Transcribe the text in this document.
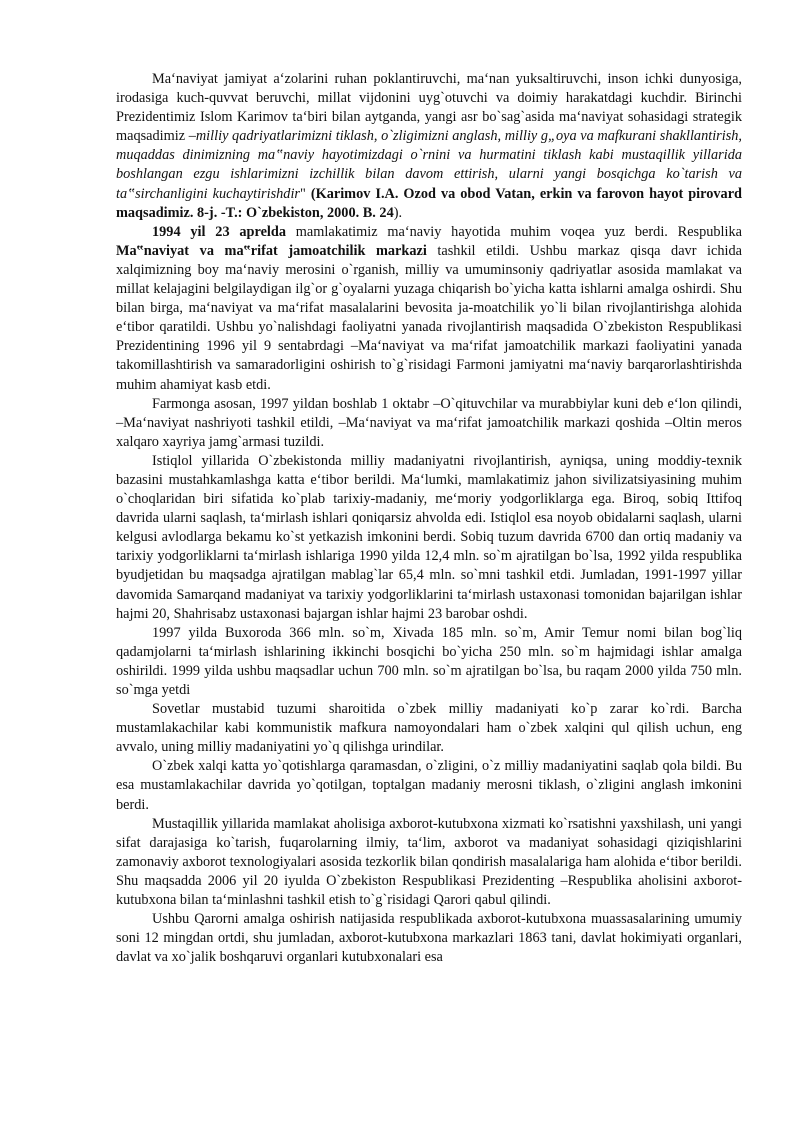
Ma‘naviyat jamiyat a‘zolarini ruhan poklantiruvchi, ma‘nan yuksaltiruvchi, inson ichki dunyosiga, irodasiga kuch-quvvat beruvchi, millat vijdonini uyg`otuvchi va doimiy harakatdagi kuchdir. Birinchi Prezidentimiz Islom Karimov ta‘biri bilan aytganda, yangi asr bo`sag`asida ma‘naviyat sohasidagi strategik maqsadimiz –milliy qadriyatlarimizni tiklash, o`zligimizni anglash, milliy g„oya va mafkurani shakllantirish, muqaddas dinimizning ma‟naviy hayotimizdagi o`rnini va hurmatini tiklash kabi mustaqillik yillarida boshlangan ezgu ishlarimizni izchillik bilan davom ettirish, ularni yangi bosqichga ko`tarish va ta‟sirchanligini kuchaytirishdir" (Karimov I.A. Ozod va obod Vatan, erkin va farovon hayot pirovard maqsadimiz. 8-j. -T.: O`zbekiston, 2000. B. 24).

1994 yil 23 aprelda mamlakatimiz ma‘naviy hayotida muhim voqea yuz berdi. Respublika Ma‟naviyat va ma‟rifat jamoatchilik markazi tashkil etildi. Ushbu markaz qisqa davr ichida xalqimizning boy ma‘naviy merosini o`rganish, milliy va umuminsoniy qadriyatlar asosida mamlakat va millat kelajagini belgilaydigan ilg`or g`oyalarni yuzaga chiqarish bo`yicha katta ishlarni amalga oshirdi. Shu bilan birga, ma‘naviyat va ma‘rifat masalalarini bevosita ja-moatchilik yo`li bilan rivojlantirishga alohida e‘tibor qaratildi. Ushbu yo`nalishdagi faoliyatni yanada rivojlantirish maqsadida O`zbekiston Respublikasi Prezidentining 1996 yil 9 sentabrdagi –Ma‘naviyat va ma‘rifat jamoatchilik markazi faoliyatini yanada takomillashtirish va samaradorligini oshirish to`g`risidagi Farmoni jamiyatni ma‘naviy barqarorlashtirishda muhim ahamiyat kasb etdi.

Farmonga asosan, 1997 yildan boshlab 1 oktabr –O`qituvchilar va murabbiylar kuni deb e‘lon qilindi, –Ma‘naviyat nashriyoti tashkil etildi, –Ma‘naviyat va ma‘rifat jamoatchilik markazi qoshida –Oltin meros xalqaro xayriya jamg`armasi tuzildi.

Istiqlol yillarida O`zbekistonda milliy madaniyatni rivojlantirish, ayniqsa, uning moddiy-texnik bazasini mustahkamlashga katta e‘tibor berildi. Ma‘lumki, mamlakatimiz jahon sivilizatsiyasining muhim o`choqlaridan biri sifatida ko`plab tarixiy-madaniy, me‘moriy yodgorliklarga ega. Biroq, sobiq Ittifoq davrida ularni saqlash, ta‘mirlash ishlari qoniqarsiz ahvolda edi. Istiqlol esa noyob obidalarni saqlash, ularni kelgusi avlodlarga bekamu ko`st yetkazish imkonini berdi. Sobiq tuzum davrida 6700 dan ortiq madaniy va tarixiy yodgorliklarni ta‘mirlash ishlariga 1990 yilda 12,4 mln. so`m ajratilgan bo`lsa, 1992 yilda respublika byudjetidan bu maqsadga ajratilgan mablag`lar 65,4 mln. so`mni tashkil etdi. Jumladan, 1991-1997 yillar davomida Samarqand madaniyat va tarixiy yodgorliklarini ta‘mirlash ustaxonasi tomonidan bajarilgan ishlar hajmi 20, Shahrisabz ustaxonasi bajargan ishlar hajmi 23 barobar oshdi.

1997 yilda Buxoroda 366 mln. so`m, Xivada 185 mln. so`m, Amir Temur nomi bilan bog`liq qadamjolarni ta‘mirlash ishlarining ikkinchi bosqichi bo`yicha 250 mln. so`m hajmidagi ishlar amalga oshirildi. 1999 yilda ushbu maqsadlar uchun 700 mln. so`m ajratilgan bo`lsa, bu raqam 2000 yilda 750 mln. so`mga yetdi

Sovetlar mustabid tuzumi sharoitida o`zbek milliy madaniyati ko`p zarar ko`rdi. Barcha mustamlakachilar kabi kommunistik mafkura namoyondalari ham o`zbek xalqini qul qilish uchun, eng avvalo, uning milliy madaniyatini yo`q qilishga urindilar.

O`zbek xalqi katta yo`qotishlarga qaramasdan, o`zligini, o`z milliy madaniyatini saqlab qola bildi. Bu esa mustamlakachilar davrida yo`qotilgan, toptalgan madaniy merosni tiklash, o`zligini anglash imkonini berdi.

Mustaqillik yillarida mamlakat aholisiga axborot-kutubxona xizmati ko`rsatishni yaxshilash, uni yangi sifat darajasiga ko`tarish, fuqarolarning ilmiy, ta‘lim, axborot va madaniyat sohasidagi qiziqishlarini zamonaviy axborot texnologiyalari asosida tezkorlik bilan qondirish masalalariga ham alohida e‘tibor berildi. Shu maqsadda 2006 yil 20 iyulda O`zbekiston Respublikasi Prezidenting –Respublika aholisini axborot-kutubxona bilan ta‘minlashni tashkil etish to`g`risidagi Qarori qabul qilindi.

Ushbu Qarorni amalga oshirish natijasida respublikada axborot-kutubxona muassasalarining umumiy soni 12 mingdan ortdi, shu jumladan, axborot-kutubxona markazlari 1863 tani, davlat hokimiyati organlari, davlat va xo`jalik boshqaruvi organlari kutubxonalari esa
